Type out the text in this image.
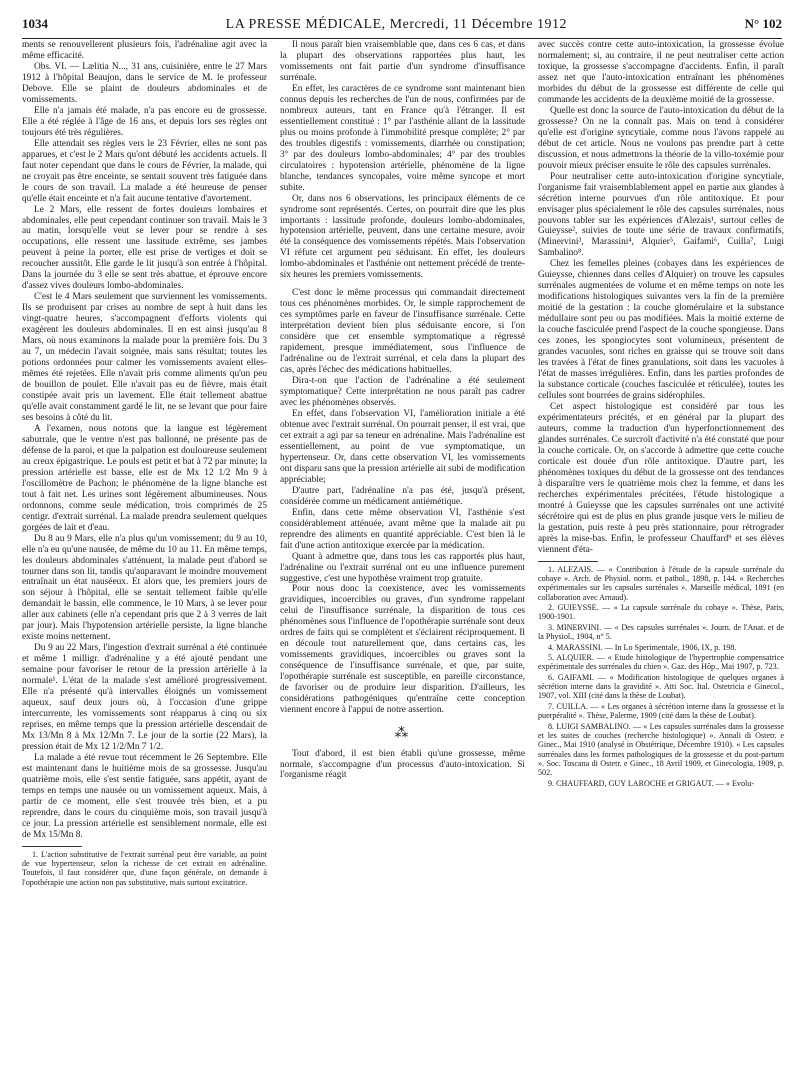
1034	LA PRESSE MÉDICALE, Mercredi, 11 Décembre 1912	N° 102

ments se renouvellerent plusieurs fois, l'adrénaline agit avec la même efficacité.

Obs. VI. — Lælitia N..., 31 ans, cuisinière, entre le 27 Mars 1912 à l'hôpital Beaujon, dans le service de M. le professeur Debove. Elle se plaint de douleurs abdominales et de vomissements.

Elle n'a jamais été malade, n'a pas encore eu de grossesse. Elle a été réglée à l'âge de 16 ans, et depuis lors ses règles ont toujours été très régulières.

Elle attendait ses règles vers le 23 Février, elles ne sont pas apparues, et c'est le 2 Mars qu'ont débuté les accidents actuels. Il faut noter cependant que dans le cours de Février, la malade, qui ne croyait pas être enceinte, se sentait souvent très fatiguée dans le cours de son travail. La malade a été heureuse de penser qu'elle était enceinte et n'a fait aucune tentative d'avortement.

Le 2 Mars, elle ressent de fortes douleurs lombaires et abdominales, elle peut cependant continuer son travail. Mais le 3 au matin, lorsqu'elle veut se lever pour se rendre à ses occupations, elle ressent une lassitude extrême, ses jambes peuvent à peine la porter, elle est prise de vertiges et doit se recoucher aussitôt. Elle garde le lit jusqu'à son entrée à l'hôpital. Dans la journée du 3 elle se sent très abattue, et éprouve encore d'assez vives douleurs lombo-abdominales.

C'est le 4 Mars seulement que surviennent les vomissements. Ils se produisent par crises au nombre de sept à huit dans les vingt-quatre heures, s'accompagnent d'efforts violents qui exagèrent les douleurs abdominales. Il en est ainsi jusqu'au 8 Mars, où nous examinons la malade pour la première fois. Du 3 au 7, un médecin l'avait soignée, mais sans résultat; toutes les potions ordonnées pour calmer les vomissements avaient elles-mêmes été rejetées. Elle n'avait pris comme aliments qu'un peu de bouillon de poulet. Elle n'avait pas eu de fièvre, mais était constipée avait pris un lavement. Elle était tellement abattue qu'elle avait constamment gardé le lit, ne se levant que pour faire ses besoins à côté du lit.

A l'examen, nous notons que la langue est légèrement saburrale, que le ventre n'est pas ballonné, ne présente pas de défense de la paroi, et que la palpation est douloureuse seulement au creux épigastrique. Le pouls est petit et bat à 72 par minute; la pression artérielle est basse, elle est de Mx 12 1/2 Mn 9 à l'oscillomètre de Pachon; le phénomène de la ligne blanche est tout à fait net. Les urines sont légèrement albumineuses. Nous ordonnons, comme seule médication, trois comprimés de 25 centigr. d'extrait surrénal. La malade prendra seulement quelques gorgées de lait et d'eau.

Du 8 au 9 Mars, elle n'a plus qu'un vomissement; du 9 au 10, elle n'a eu qu'une nausée, de même du 10 au 11. En même temps, les douleurs abdominales s'atténuent, la malade peut d'abord se tourner dans son lit, tandis qu'auparavant le moindre mouvement entraînait un état nauséeux. Et alors que, les premiers jours de son séjour à l'hôpital, elle se sentait tellement faible qu'elle demandait le bassin, elle commence, le 10 Mars, à se lever pour aller aux cabinets (elle n'a cependant pris que 2 à 3 verres de lait par jour). Mais l'hypotension artérielle persiste, la ligne blanche existe moins nettement.

Du 9 au 22 Mars, l'ingestion d'extrait surrénal a été continuée et même 1 milligr. d'adrénaline y a été ajouté pendant une semaine pour favoriser le retour de la pression artérielle à la normale¹. L'état de la malade s'est amélioré progressivement. Elle n'a présenté qu'à intervalles éloignés un vomissement aqueux, sauf deux jours où, à l'occasion d'une grippe intercurrente, les vomissements sont réapparus à cinq ou six reprises, en même temps que la pression artérielle descendait de Mx 13/Mn 8 à Mx 12/Mn 7. Le jour de la sortie (22 Mars), la pression était de Mx 12 1/2/Mn 7 1/2.

La malade a été revue tout récemment le 26 Septembre. Elle est maintenant dans le huitième mois de sa grossesse. Jusqu'au quatrième mois, elle s'est sentie fatiguée, sans appétit, ayant de temps en temps une nausée ou un vomissement aqueux. Mais, à partir de ce moment, elle s'est trouvée très bien, et a pu reprendre, dans le cours du cinquième mois, son travail jusqu'à ce jour. La pression artérielle est sensiblement normale, elle est de Mx 15/Mn 8.

1. L'action substitutive de l'extrait surrénal peut être variable, au point de vue hypertenseur, selon la richesse de cet extrait en adrénaline. Toutefois, il faut considérer que, d'une façon générale, on demande à l'opothérapie une action non pas substitutive, mais surtout excitatrice.

Il nous paraît bien vraisemblable que, dans ces 6 cas, et dans la plupart des observations rapportées plus haut, les vomissements ont fait partie d'un syndrome d'insuffisance surrénale.

En effet, les caractères de ce syndrome sont maintenant bien connus depuis les recherches de l'un de nous, confirmées par de nombreux auteurs, tant en France qu'à l'étranger. Il est essentiellement constitué : 1° par l'asthénie allant de la lassitude plus ou moins profonde à l'immobilité presque complète; 2° par des troubles digestifs : vomissements, diarrhée ou constipation; 3° par des douleurs lombo-abdominales; 4° par des troubles circulatoires : hypotension artérielle, phénomène de la ligne blanche, tendances syncopales, voire même syncope et mort subite.

Or, dans nos 6 observations, les principaux éléments de ce syndrome sont représentés. Certes, on pourrait dire que les plus importants : lassitude profonde, douleurs lombo-abdominales, hypotension artérielle, peuvent, dans une certaine mesure, avoir été la conséquence des vomissements répétés. Mais l'observation VI réfute cet argument peu séduisant. En effet, les douleurs lombo-abdominales et l'asthénie ont nettement précédé de trente-six heures les premiers vomissements.

C'est donc le même processus qui commandait directement tous ces phénomènes morbides. Or, le simple rapprochement de ces symptômes parle en faveur de l'insuffisance surrénale. Cette interprétation devient bien plus séduisante encore, si l'on considère que cet ensemble symptomatique a régressé rapidement, presque immédiatement, sous l'influence de l'adrénaline ou de l'extrait surrénal, et cela dans la plupart des cas, après l'échec des médications habituelles.

Dira-t-on que l'action de l'adrénaline a été seulement symptomatique? Cette interprétation ne nous paraît pas cadrer avec les phénomènes observés.

En effet, dans l'observation VI, l'amélioration initiale a été obtenue avec l'extrait surrénal. On pourrait penser, il est vrai, que cet extrait a agi par sa teneur en adrénaline. Mais l'adrénaline est essentiellement, au point de vue symptomatique, un hypertenseur. Or, dans cette observation VI, les vomissements ont disparu sans que la pression artérielle ait subi de modification appréciable;

D'autre part, l'adrénaline n'a pas été, jusqu'à présent, considérée comme un médicament antiémétique.

Enfin, dans cette même observation VI, l'asthénie s'est considérablement atténuée, avant même que la malade ait pu reprendre des aliments en quantité appréciable. C'est bien là le fait d'une action antitoxique exercée par la médication.

Quant à admettre que, dans tous les cas rapportés plus haut, l'adrénaline ou l'extrait surrénal ont eu une influence purement suggestive, c'est une hypothèse vraiment trop gratuite.

Pour nous donc la coexistence, avec les vomissements gravidiques, incoercibles ou graves, d'un syndrome rappelant celui de l'insuffisance surrénale, la disparition de tous ces phénomènes sous l'influence de l'opothérapie surrénale sont deux ordres de faits qui se complètent et s'éclairent réciproquement. Il en découle tout naturellement que, dans certains cas, les vomissements gravidiques, incoercibles ou graves sont la conséquence de l'insuffisance surrénale, et que, par suite, l'opothérapie surrénale est susceptible, en pareille circonstance, de favoriser ou de produire leur disparition. D'ailleurs, les considérations pathogéniques qu'entraîne cette conception viennent encore à l'appui de notre assertion.

⁂

Tout d'abord, il est bien établi qu'une grossesse, même normale, s'accompagne d'un processus d'auto-intoxication. Si l'organisme réagit

avec succès contre cette auto-intoxication, la grossesse évolue normalement; si, au contraire, il ne peut neutraliser cette action toxique, la grossesse s'accompagne d'accidents. Enfin, il paraît assez net que l'auto-intoxication entraînant les phénomènes morbides du début de la grossesse est différente de celle qui commande les accidents de la deuxième moitié de la grossesse.

Quelle est donc la source de l'auto-intoxication du début de la grossesse? On ne la connaît pas. Mais on tend à considérer qu'elle est d'origine syncytiale, comme nous l'avons rappelé au début de cet article. Nous ne voulons pas prendre part à cette discussion, et nous admettrons la théorie de la villo-toxémie pour pouvoir mieux préciser ensuite le rôle des capsules surrénales.

Pour neutraliser cette auto-intoxication d'origine syncytiale, l'organisme fait vraisemblablement appel en partie aux glandes à sécrétion interne pourvues d'un rôle antitoxique. Et pour envisager plus spécialement le rôle des capsules surrénales, nous pouvons tabler sur les expériences d'Alezais¹, surtout celles de Guieysse², suivies de toute une série de travaux confirmatifs, (Minervini³, Marassini⁴, Alquier⁵, Gaifami⁶, Cuilla⁷, Luigi Sambalino⁸.

Chez les femelles pleines (cobayes dans les expériences de Guieysse, chiennes dans celles d'Alquier) on trouve les capsules surrénales augmentées de volume et en même temps on note les modifications histologiques suivantes vers la fin de la première moitié de la gestation : la couche glomérulaire et la substance médullaire sont peu ou pas modifiées. Mais la moitié externe de la couche fasciculée prend l'aspect de la couche spongieuse. Dans ces zones, les spongiocytes sont volumineux, présentent de grandes vacuoles, sont riches en graisse qui se trouve soit dans les travées à l'état de fines granulations, soit dans les vacuoles à l'état de masses irrégulières. Enfin, dans les parties profondes de la substance corticale (couches fasciculée et réticulée), toutes les cellules sont bourrées de grains sidérophiles.

Cet aspect histologique est considéré par tous les expérimentateurs précités, et en général par la plupart des auteurs, comme la traduction d'un hyperfonctionnement des glandes surrénales. Ce surcroît d'activité n'a été constaté que pour la couche corticale. Or, on s'accorde à admettre que cette couche corticale est douée d'un rôle antitoxique. D'autre part, les phénomènes toxiques du début de la grossesse ont des tendances à disparaître vers le quatrième mois chez la femme, et dans les recherches expérimentales précitées, l'étude histologique a montré à Guieysse que les capsules surrénales ont une activité sécrétoire qui est de plus en plus grande jusque vers le milieu de la gestation, puis reste à peu près stationnaire, pour rétrograder après la mise-bas. Enfin, le professeur Chauffard⁹ et ses élèves viennent d'éta-

1. ALEZAIS. — « Contribution à l'étude de la capsule surrénale du cobaye ». Arch. de Physiol. norm. et pathol., 1898, p. 144. « Recherches expérimentales sur les capsules surrénales ». Marseille médical, 1891 (en collaboration avec Arnaud).

2. GUIEYSSE. — « La capsule surrénale du cobaye ». Thèse, Paris, 1900-1901.

3. MINERVINI. — « Des capsules surrénales ». Journ. de l'Anat. et de la Physiol., 1904, n° 5.

4. MARASSINI. — In Lo Sperimentale, 1906, IX, p. 198.

5. ALQUIER. — « Etude histologique de l'hypertrophie compensatrice expérimentale des surrénales du chien ». Gaz. des Hôp., Mai 1907, p. 723.

6. GAIFAMI. — « Modification histologique de quelques organes à sécrétion interne dans la gravidité ». Atti Soc. Ital. Ostetricia e Ginecol., 1907, vol. XIII (cité dans la thèse de Loubat).

7. CUILLA. — « Les organes à sécrétion interne dans la grossesse et la puerpéralité ». Thèse, Palerme, 1909 (cité dans la thèse de Loubat).

8. LUIGI SAMBALINO. — « Les capsules surrénales dans la grossesse et les suites de couches (recherche histologique) ». Annali di Ostetr. e Ginec., Mai 1910 (analysé in Obstétrique, Décembre 1910). « Les capsules surrénales dans les formes pathologiques de la grossesse et du post-partum ». Soc. Toscana di Ostetr. e Ginec., 18 Avril 1909, et Ginecologia, 1909, p. 502.

9. CHAUFFARD, GUY LAROCHE et GRIGAUT. — « Evolu-
